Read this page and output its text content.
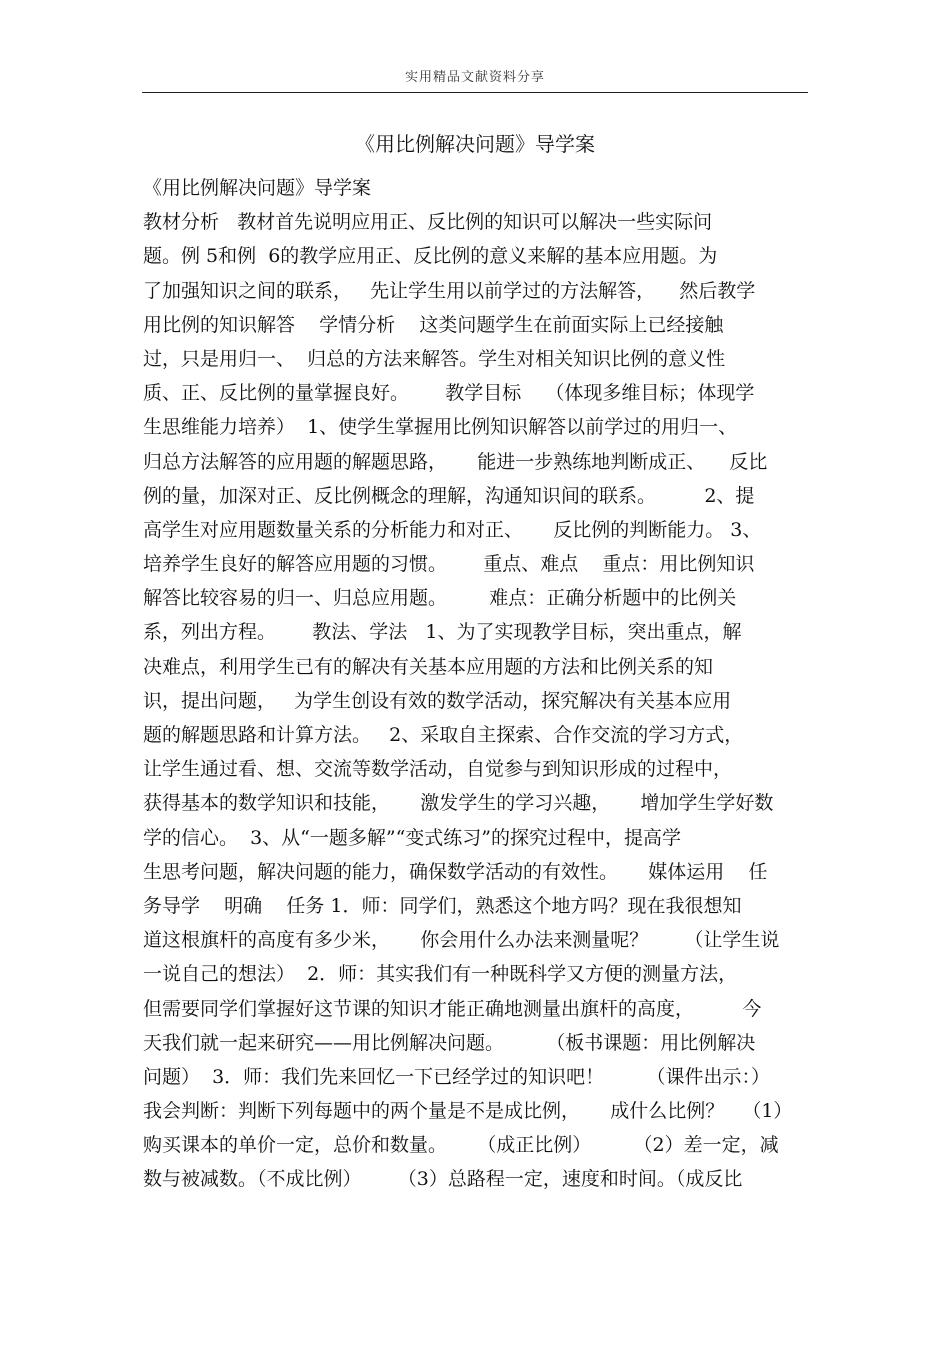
实用精品文献资料分享
《用比例解决问题》导学案
《用比例解决问题》导学案
教材分析   教材首先说明应用正、反比例的知识可以解决一些实际问
题。例 5和例  6的教学应用正、反比例的意义来解的基本应用题。为
了加强知识之间的联系，   先让学生用以前学过的方法解答，    然后教学
用比例的知识解答    学情分析    这类问题学生在前面实际上已经接触
过，只是用归一、  归总的方法来解答。学生对相关知识比例的意义性
质、正、反比例的量掌握良好。      教学目标    （体现多维目标；体现学
生思维能力培养）  1、使学生掌握用比例知识解答以前学过的用归一、
归总方法解答的应用题的解题思路，     能进一步熟练地判断成正、    反比
例的量，加深对正、反比例概念的理解，沟通知识间的联系。        2、提
高学生对应用题数量关系的分析能力和对正、     反比例的判断能力。 3、
培养学生良好的解答应用题的习惯。      重点、难点    重点：用比例知识
解答比较容易的归一、归总应用题。       难点：正确分析题中的比例关
系，列出方程。      教法、学法   1、为了实现教学目标，突出重点，解
决难点，利用学生已有的解决有关基本应用题的方法和比例关系的知
识，提出问题，   为学生创设有效的数学活动，探究解决有关基本应用
题的解题思路和计算方法。   2、采取自主探索、合作交流的学习方式，
让学生通过看、想、交流等数学活动，自觉参与到知识形成的过程中，
获得基本的数学知识和技能，     激发学生的学习兴趣，     增加学生学好数
学的信心。  3、从“一题多解”“变式练习”的探究过程中，提高学
生思考问题，解决问题的能力，确保数学活动的有效性。     媒体运用    任
务导学    明确    任务 1．师：同学们，熟悉这个地方吗？现在我很想知
道这根旗杆的高度有多少米，     你会用什么办法来测量呢？      （让学生说
一说自己的想法）  2．师：其实我们有一种既科学又方便的测量方法，
但需要同学们掌握好这节课的知识才能正确地测量出旗杆的高度，        今
天我们就一起来研究——用比例解决问题。       （板书课题：用比例解决
问题）  3．师：我们先来回忆一下已经学过的知识吧！       （课件出示：）
我会判断：判断下列每题中的两个量是不是成比例，     成什么比例？   （1）
购买课本的单价一定，总价和数量。     （成正比例）       （2）差一定，减
数与被减数。（不成比例）      （3）总路程一定，速度和时间。（成反比
